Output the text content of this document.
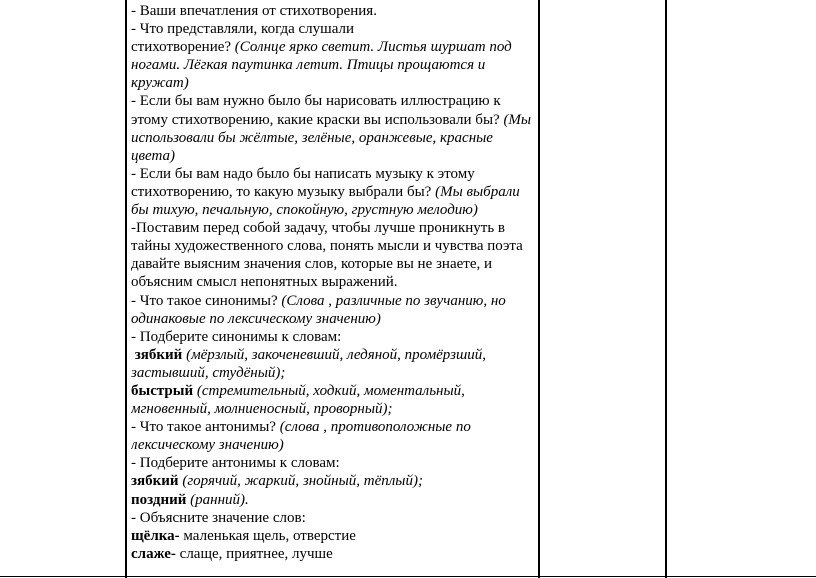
- Ваши впечатления от стихотворения.

- Что представляли, когда слушали

стихотворение? (Солнце ярко светит. Листья шуршат под ногами. Лёгкая паутинка летит. Птицы прощаются и кружат)

- Если бы вам нужно было бы нарисовать иллюстрацию к этому стихотворению, какие краски вы использовали бы? (Мы использовали бы жёлтые, зелёные, оранжевые, красные цвета)

- Если бы вам надо было бы написать музыку к этому стихотворению, то какую музыку выбрали бы? (Мы выбрали бы тихую, печальную, спокойную, грустную мелодию)

-Поставим перед собой задачу, чтобы лучше проникнуть в тайны художественного слова, понять мысли и чувства поэта давайте выясним значения слов, которые вы не знаете, и объясним смысл непонятных выражений.

- Что такое синонимы? (Слова , различные по звучанию, но одинаковые по лексическому значению)

- Подберите синонимы к словам:

зябкий (мёрзлый, закоченевший, ледяной, промёрзший, застывший, студёный);

быстрый (стремительный, ходкий, моментальный, мгновенный, молниеносный, проворный);

- Что такое антонимы? (слова , противоположные по лексическому значению)

- Подберите антонимы к словам:

зябкий (горячий, жаркий, знойный, тёплый);

поздний (ранний).

- Объясните значение слов:

щёлка- маленькая щель, отверстие

слаже- слаще, приятнее, лучше
